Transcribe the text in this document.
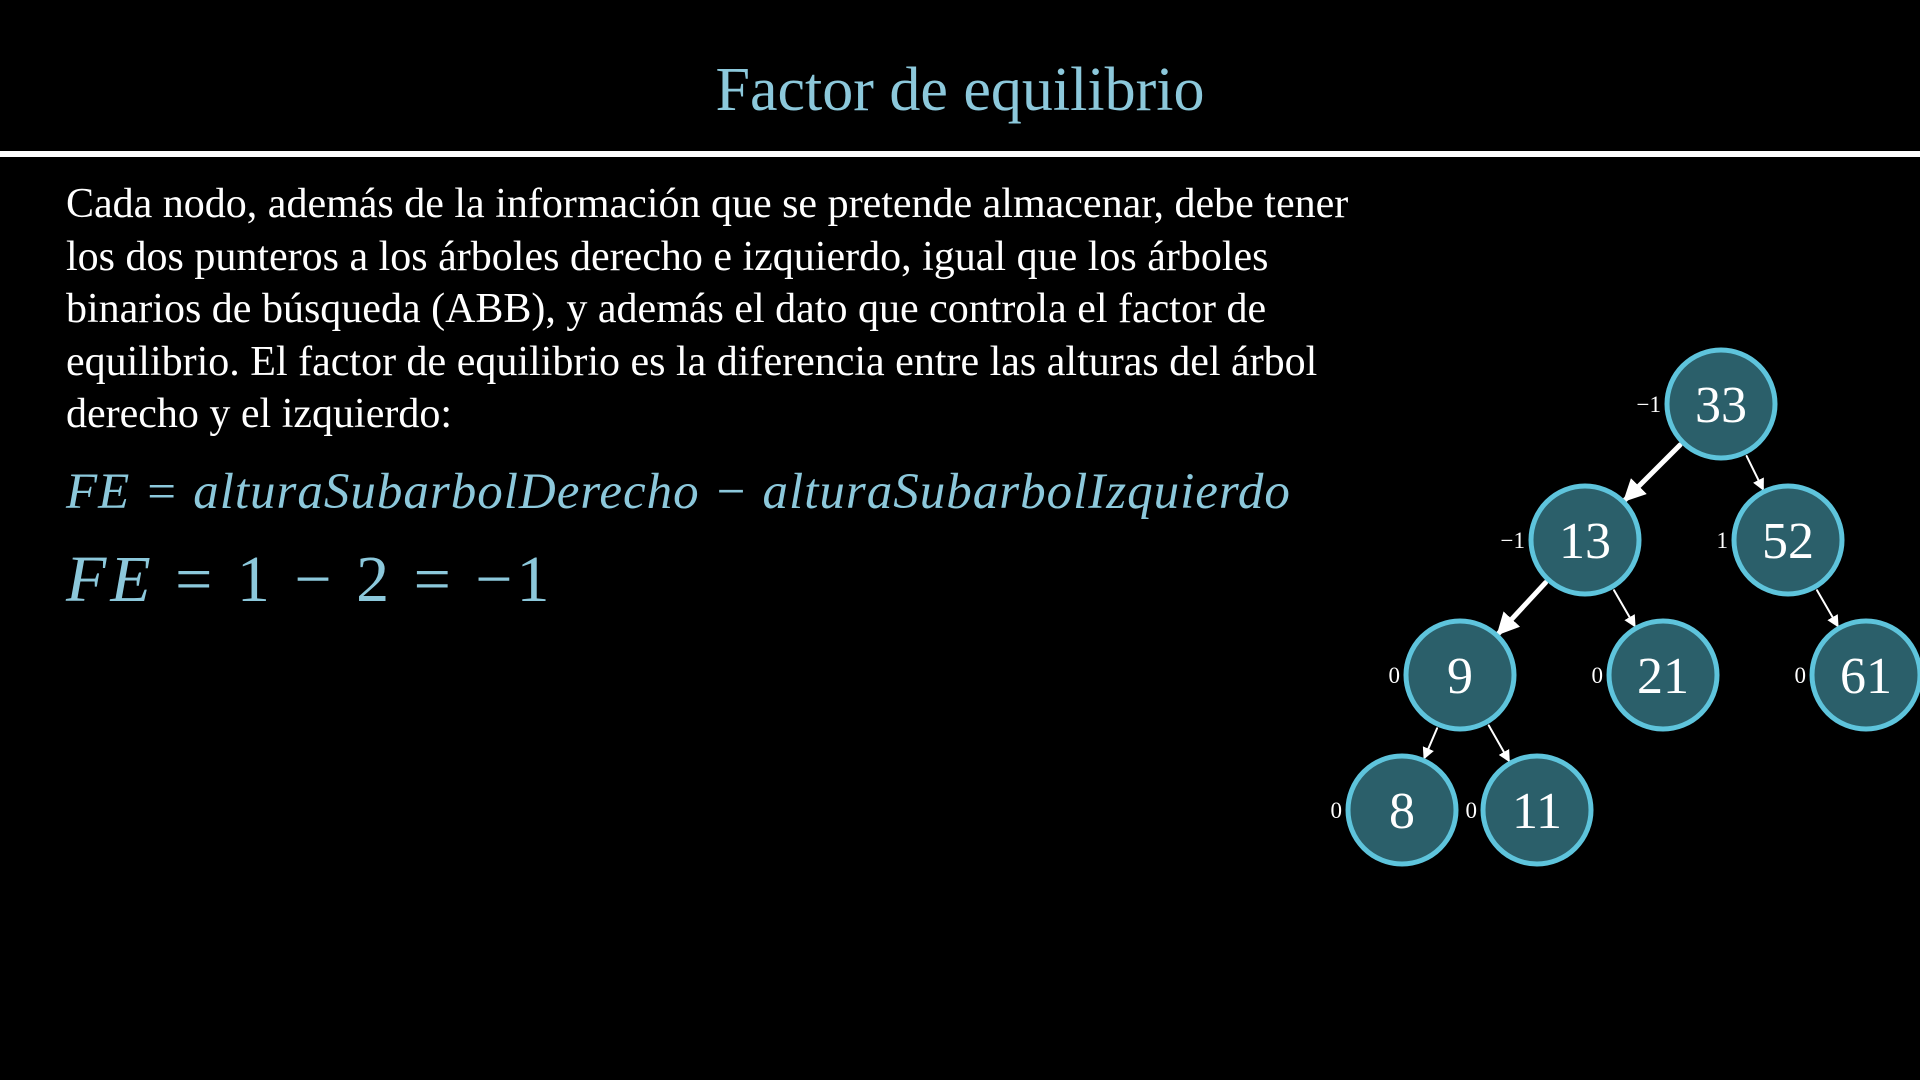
Factor de equilibrio

Cada nodo, además de la información que se pretende almacenar, debe tener
los dos punteros a los árboles derecho e izquierdo, igual que los árboles
binarios de búsqueda (ABB), y además el dato que controla el factor de
equilibrio. El factor de equilibrio es la diferencia entre las alturas del árbol
derecho y el izquierdo:

FE = alturaSubarbolDerecho − alturaSubarbolIzquierdo
FE = 1 − 2 = −1
33
−1
13
−1	52
1
9
0	21
0	61
0
8
0	11
0
